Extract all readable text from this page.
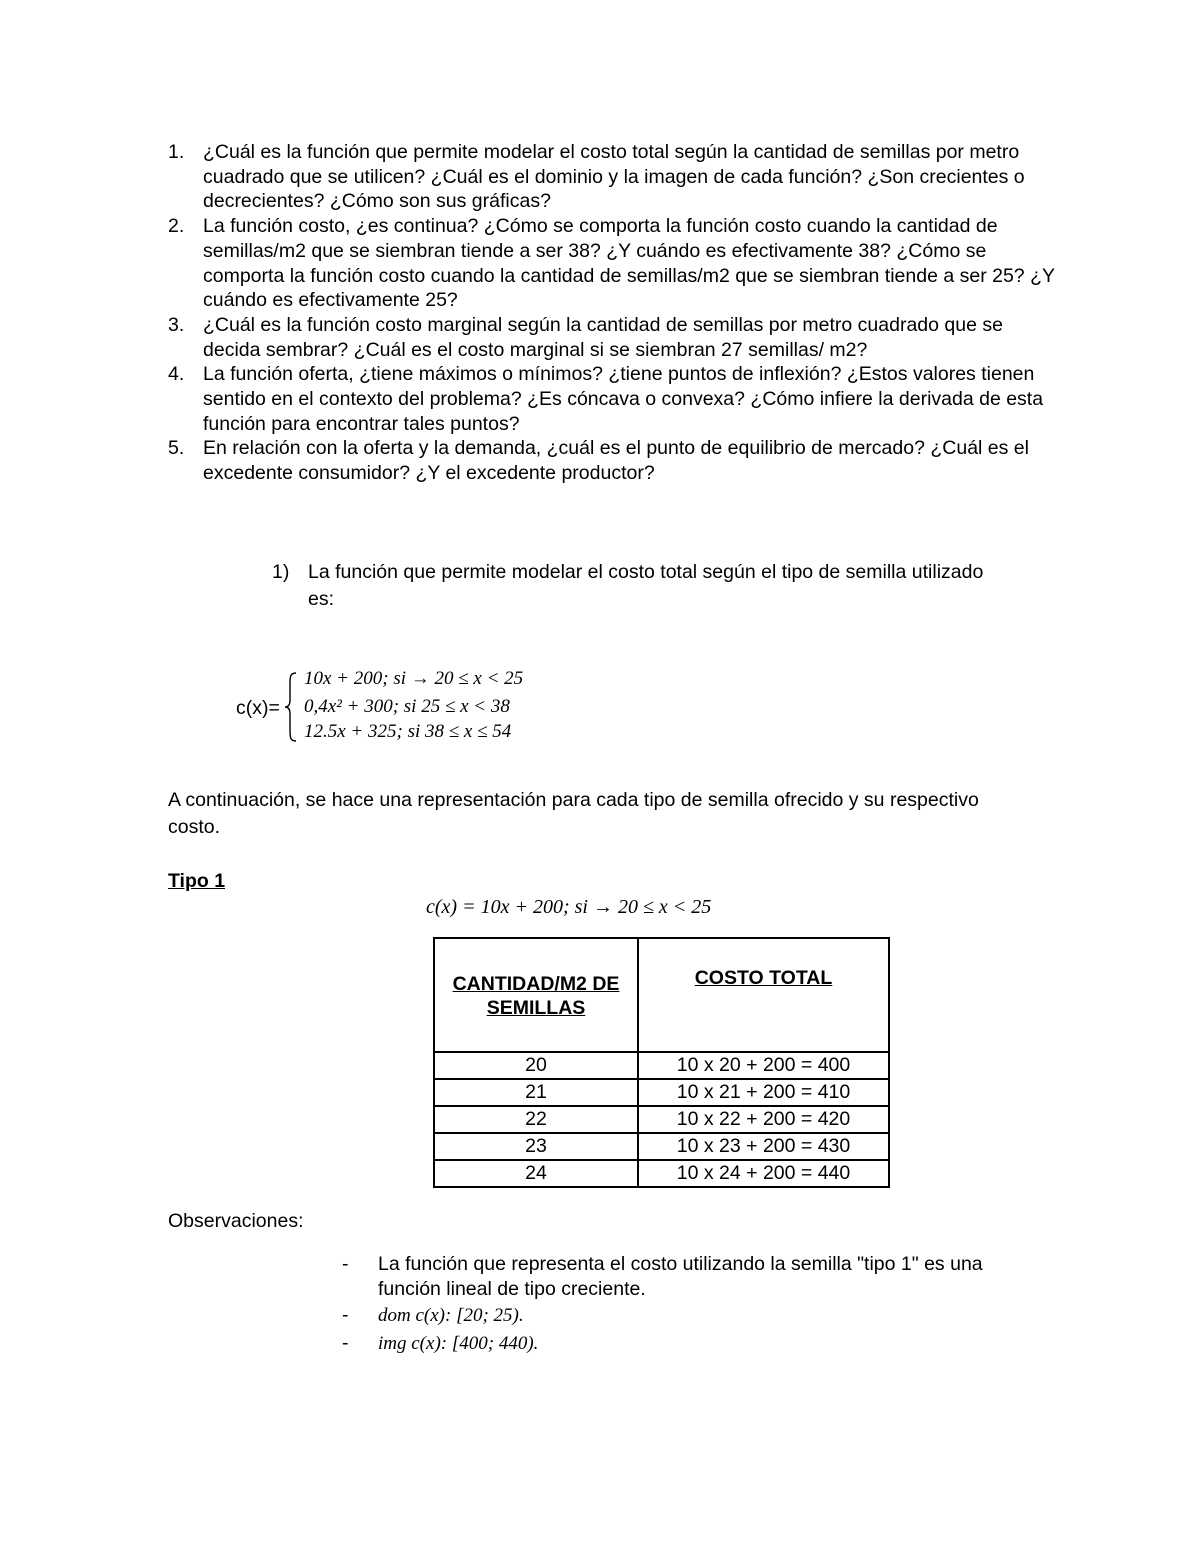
1. ¿Cuál es la función que permite modelar el costo total según la cantidad de semillas por metro cuadrado que se utilicen? ¿Cuál es el dominio y la imagen de cada función? ¿Son crecientes o decrecientes? ¿Cómo son sus gráficas?
2. La función costo, ¿es continua? ¿Cómo se comporta la función costo cuando la cantidad de semillas/m2 que se siembran tiende a ser 38? ¿Y cuándo es efectivamente 38? ¿Cómo se comporta la función costo cuando la cantidad de semillas/m2 que se siembran tiende a ser 25? ¿Y cuándo es efectivamente 25?
3. ¿Cuál es la función costo marginal según la cantidad de semillas por metro cuadrado que se decida sembrar? ¿Cuál es el costo marginal si se siembran 27 semillas/ m2?
4. La función oferta, ¿tiene máximos o mínimos? ¿tiene puntos de inflexión? ¿Estos valores tienen sentido en el contexto del problema? ¿Es cóncava o convexa? ¿Cómo infiere la derivada de esta función para encontrar tales puntos?
5. En relación con la oferta y la demanda, ¿cuál es el punto de equilibrio de mercado? ¿Cuál es el excedente consumidor? ¿Y el excedente productor?
1) La función que permite modelar el costo total según el tipo de semilla utilizado es:
c(x)=
10x + 200; si → 20 ≤ x < 25
0,4x² + 300; si 25 ≤ x < 38
12.5x + 325; si 38 ≤ x ≤ 54
A continuación, se hace una representación para cada tipo de semilla ofrecido y su respectivo costo.
Tipo 1
c(x) = 10x + 200; si → 20 ≤ x < 25
CANTIDAD/M2 DE SEMILLAS	COSTO TOTAL
20	10 x 20 + 200 = 400
21	10 x 21 + 200 = 410
22	10 x 22 + 200 = 420
23	10 x 23 + 200 = 430
24	10 x 24 + 200 = 440
Observaciones:
- La función que representa el costo utilizando la semilla "tipo 1" es una función lineal de tipo creciente.
- dom c(x): [20; 25).
- img c(x): [400; 440).
